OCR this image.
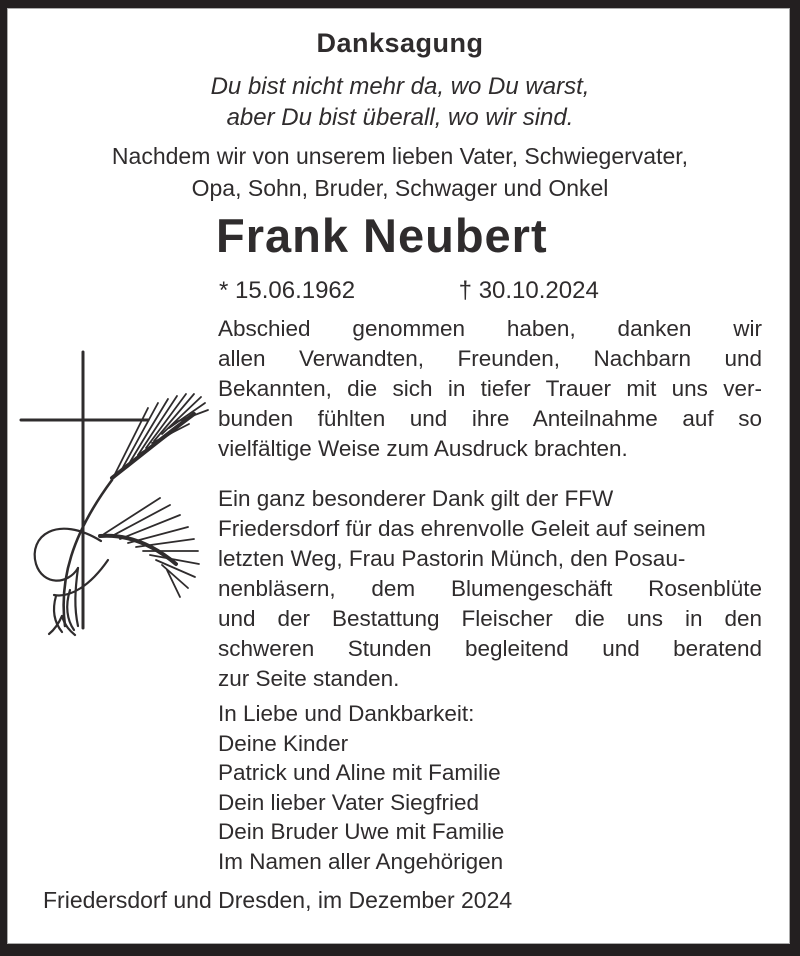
Danksagung
Du bist nicht mehr da, wo Du warst,
aber Du bist überall, wo wir sind.
Nachdem wir von unserem lieben Vater, Schwiegervater,
Opa, Sohn, Bruder, Schwager und Onkel
Frank Neubert
* 15.06.1962	† 30.10.2024
Abschied genommen haben, danken wir
allen Verwandten, Freunden, Nachbarn und
Bekannten, die sich in tiefer Trauer mit uns ver-
bunden fühlten und ihre Anteilnahme auf so
vielfältige Weise zum Ausdruck brachten.
Ein ganz besonderer Dank gilt der FFW
Friedersdorf für das ehrenvolle Geleit auf seinem
letzten Weg, Frau Pastorin Münch, den Posau-
nenbläsern, dem Blumengeschäft Rosenblüte
und der Bestattung Fleischer die uns in den
schweren Stunden begleitend und beratend
zur Seite standen.
In Liebe und Dankbarkeit:
Deine Kinder
Patrick und Aline mit Familie
Dein lieber Vater Siegfried
Dein Bruder Uwe mit Familie
Im Namen aller Angehörigen
Friedersdorf und Dresden, im Dezember 2024
